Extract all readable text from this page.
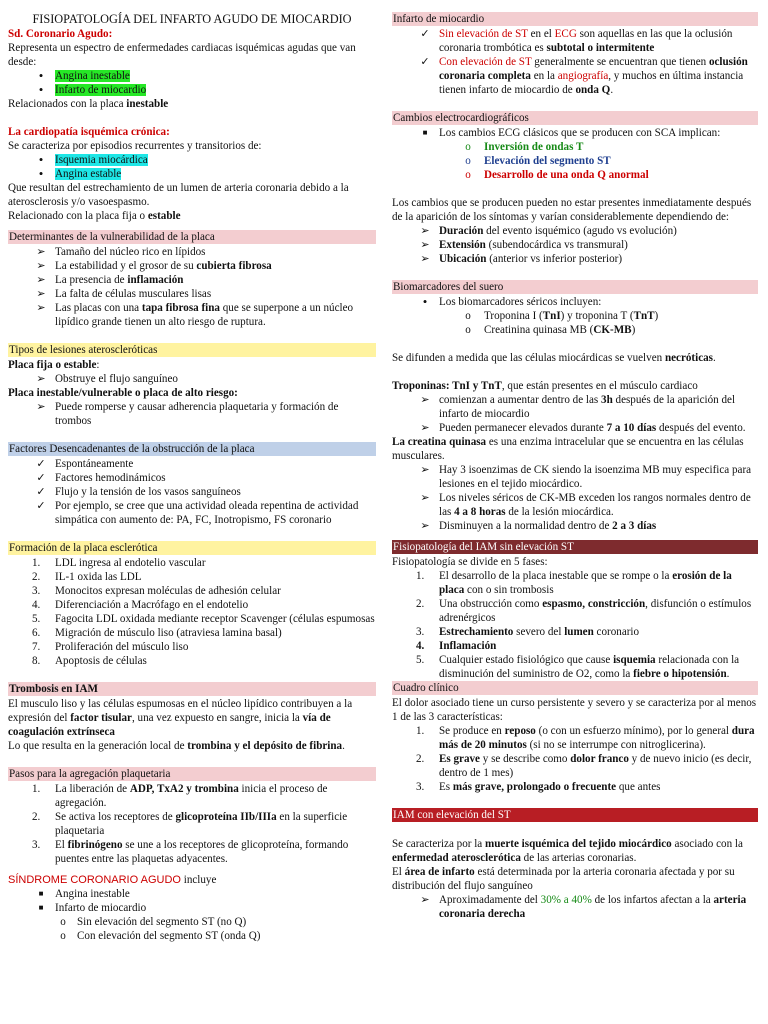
FISIOPATOLOGÍA DEL INFARTO AGUDO DE MIOCARDIO
Sd. Coronario Agudo:

Representa un espectro de enfermedades cardiacas isquémicas agudas que van desde:

•	Angina inestable
•	Infarto de miocardio

Relacionados con la placa inestable

La cardiopatía isquémica crónica:

Se caracteriza por episodios recurrentes y transitorios de:

•	Isquemia miocárdica
•	Angina estable

Que resultan del estrechamiento de un lumen de arteria coronaria debido a la aterosclerosis y/o vasoespasmo.

Relacionado con la placa fija o estable

Determinantes de la vulnerabilidad de la placa
➢ Tamaño del núcleo rico en lípidos
➢ La estabilidad y el grosor de su cubierta fibrosa
➢ La presencia de inflamación
➢ La falta de células musculares lisas
➢ Las placas con una tapa fibrosa fina que se superpone a un núcleo lipídico grande tienen un alto riesgo de ruptura.
Tipos de lesiones ateroscleróticas

Placa fija o estable:

➢ Obstruye el flujo sanguíneo

Placa inestable/vulnerable o placa de alto riesgo:

➢ Puede romperse y causar adherencia plaquetaria y formación de trombos
Factores Desencadenantes de la obstrucción de la placa
✓ Espontáneamente
✓ Factores hemodinámicos
✓ Flujo y la tensión de los vasos sanguíneos
✓ Por ejemplo, se cree que una actividad oleada repentina de actividad simpática con aumento de: PA, FC, Inotropismo, FS coronario
Formación de la placa esclerótica
1.	LDL ingresa al endotelio vascular
2.	IL-1 oxida las LDL
3.	Monocitos expresan moléculas de adhesión celular
4.	Diferenciación a Macrófago en el endotelio
5.	Fagocita LDL oxidada mediante receptor Scavenger (células espumosas
6.	Migración de músculo liso (atraviesa lamina basal)
7.	Proliferación del músculo liso
8.	Apoptosis de células
Trombosis en IAM

El musculo liso y las células espumosas en el núcleo lipídico contribuyen a la expresión del factor tisular, una vez expuesto en sangre, inicia la vía de coagulación extrínseca

Lo que resulta en la generación local de trombina y el depósito de fibrina.

Pasos para la agregación plaquetaria
1.	La liberación de ADP, TxA2 y trombina inicia el proceso de agregación.
2.	Se activa los receptores de glicoproteína IIb/IIIa en la superficie plaquetaria
3.	El fibrinógeno se une a los receptores de glicoproteína, formando puentes entre las plaquetas adyacentes.

SÍNDROME CORONARIO AGUDO incluye

■	Angina inestable
■	Infarto de miocardio
o	Sin elevación del segmento ST (no Q)
o	Con elevación del segmento ST (onda Q)
Infarto de miocardio
✓ Sin elevación de ST en el ECG son aquellas en las que la oclusión coronaria trombótica es subtotal o intermitente
✓ Con elevación de ST generalmente se encuentran que tienen oclusión coronaria completa en la angiografía, y muchos en última instancia tienen infarto de miocardio de onda Q.
Cambios electrocardiográficos
■	Los cambios ECG clásicos que se producen con SCA implican:
o	Inversión de ondas T
o	Elevación del segmento ST
o	Desarrollo de una onda Q anormal

Los cambios que se producen pueden no estar presentes inmediatamente después de la aparición de los síntomas y varían considerablemente dependiendo de:

➢ Duración del evento isquémico (agudo vs evolución)
➢ Extensión (subendocárdica vs transmural)
➢ Ubicación (anterior vs inferior posterior)
Biomarcadores del suero
•	Los biomarcadores séricos incluyen:
o	Troponina I (TnI) y troponina T (TnT)
o	Creatinina quinasa MB (CK-MB)

Se difunden a medida que las células miocárdicas se vuelven necróticas.

Troponinas: TnI y TnT, que están presentes en el músculo cardiaco

➢ comienzan a aumentar dentro de las 3h después de la aparición del infarto de miocardio
➢ Pueden permanecer elevados durante 7 a 10 días después del evento.

La creatina quinasa es una enzima intracelular que se encuentra en las células musculares.

➢ Hay 3 isoenzimas de CK siendo la isoenzima MB muy especifica para lesiones en el tejido miocárdico.
➢ Los niveles séricos de CK-MB exceden los rangos normales dentro de las 4 a 8 horas de la lesión miocárdica.
➢ Disminuyen a la normalidad dentro de 2 a 3 días
Fisiopatología del IAM sin elevación ST

Fisiopatología se divide en 5 fases:

1.	El desarrollo de la placa inestable que se rompe o la erosión de la placa con o sin trombosis
2.	Una obstrucción como espasmo, constricción, disfunción o estímulos adrenérgicos
3.	Estrechamiento severo del lumen coronario
4.	Inflamación
5.	Cualquier estado fisiológico que cause isquemia relacionada con la disminución del suministro de O2, como la fiebre o hipotensión.
Cuadro clínico

El dolor asociado tiene un curso persistente y severo y se caracteriza por al menos 1 de las 3 características:

1.	Se produce en reposo (o con un esfuerzo mínimo), por lo general dura más de 20 minutos (si no se interrumpe con nitroglicerina).
2.	Es grave y se describe como dolor franco y de nuevo inicio (es decir, dentro de 1 mes)
3.	Es más grave, prolongado o frecuente que antes
IAM con elevación del ST

Se caracteriza por la muerte isquémica del tejido miocárdico asociado con la enfermedad aterosclerótica de las arterias coronarias.

El área de infarto está determinada por la arteria coronaria afectada y por su distribución del flujo sanguíneo

➢ Aproximadamente del 30% a 40% de los infartos afectan a la arteria coronaria derecha
